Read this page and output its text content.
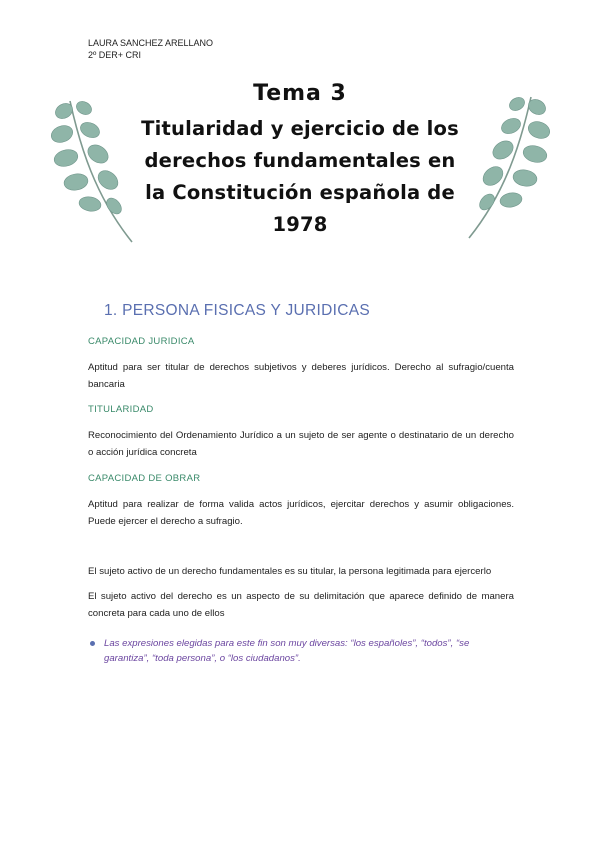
LAURA SANCHEZ ARELLANO
2º DER+ CRI
Tema 3
Titularidad y ejercicio de los
derechos fundamentales en
la Constitución española de
1978
1. PERSONA FISICAS Y JURIDICAS
CAPACIDAD JURIDICA
Aptitud para ser titular de derechos subjetivos y deberes jurídicos. Derecho al sufragio/cuenta bancaria
TITULARIDAD
Reconocimiento del Ordenamiento Jurídico a un sujeto de ser agente o destinatario de un derecho o acción jurídica concreta
CAPACIDAD DE OBRAR
Aptitud para realizar de forma valida actos jurídicos, ejercitar derechos y asumir obligaciones. Puede ejercer el derecho a sufragio.
El sujeto activo de un derecho fundamentales es su titular, la persona legitimada para ejercerlo
El sujeto activo del derecho es un aspecto de su delimitación que aparece definido de manera concreta para cada uno de ellos
Las expresiones elegidas para este fin son muy diversas: “los españoles”, “todos”, “se garantiza”, “toda persona”, o “los ciudadanos”.
